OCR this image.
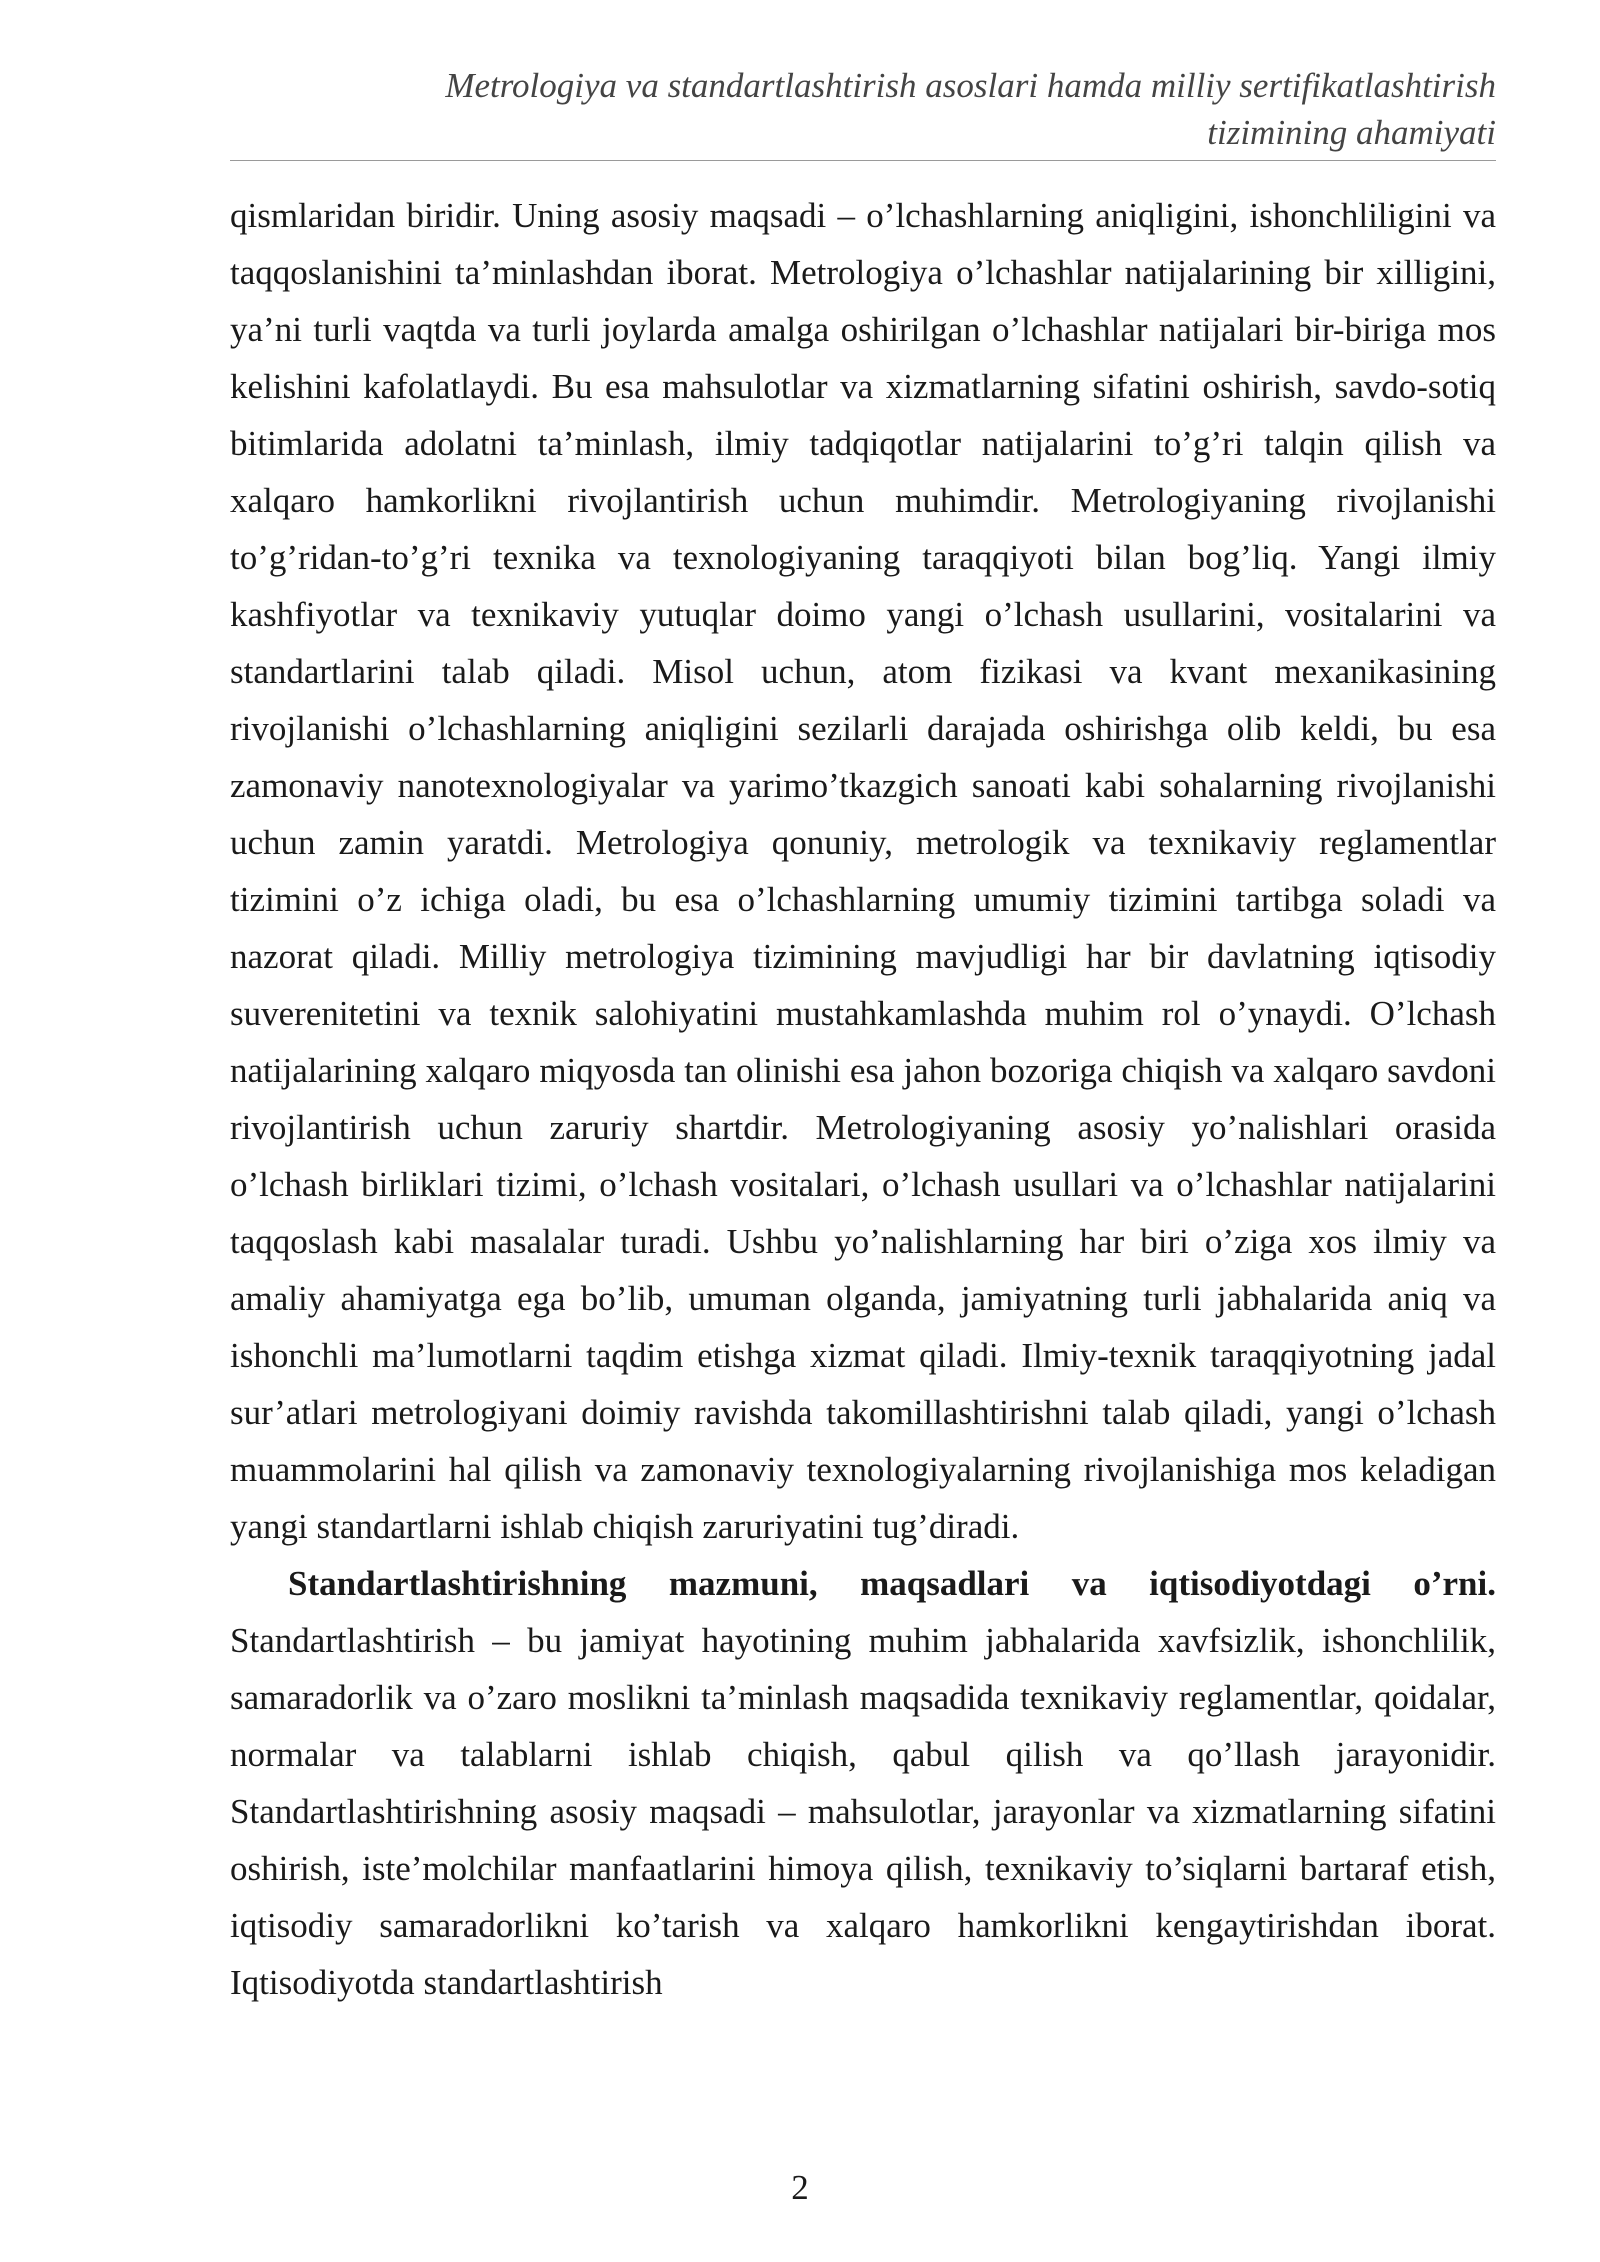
Metrologiya va standartlashtirish asoslari hamda milliy sertifikatlashtirish
tizimining ahamiyati

qismlaridan biridir. Uning asosiy maqsadi – o’lchashlarning aniqligini, ishonchliligini va taqqoslanishini ta’minlashdan iborat. Metrologiya o’lchashlar natijalarining bir xilligini, ya’ni turli vaqtda va turli joylarda amalga oshirilgan o’lchashlar natijalari bir-biriga mos kelishini kafolatlaydi. Bu esa mahsulotlar va xizmatlarning sifatini oshirish, savdo-sotiq bitimlarida adolatni ta’minlash, ilmiy tadqiqotlar natijalarini to’g’ri talqin qilish va xalqaro hamkorlikni rivojlantirish uchun muhimdir. Metrologiyaning rivojlanishi to’g’ridan-to’g’ri texnika va texnologiyaning taraqqiyoti bilan bog’liq. Yangi ilmiy kashfiyotlar va texnikaviy yutuqlar doimo yangi o’lchash usullarini, vositalarini va standartlarini talab qiladi. Misol uchun, atom fizikasi va kvant mexanikasining rivojlanishi o’lchashlarning aniqligini sezilarli darajada oshirishga olib keldi, bu esa zamonaviy nanotexnologiyalar va yarimo’tkazgich sanoati kabi sohalarning rivojlanishi uchun zamin yaratdi. Metrologiya qonuniy, metrologik va texnikaviy reglamentlar tizimini o’z ichiga oladi, bu esa o’lchashlarning umumiy tizimini tartibga soladi va nazorat qiladi. Milliy metrologiya tizimining mavjudligi har bir davlatning iqtisodiy suverenitetini va texnik salohiyatini mustahkamlashda muhim rol o’ynaydi. O’lchash natijalarining xalqaro miqyosda tan olinishi esa jahon bozoriga chiqish va xalqaro savdoni rivojlantirish uchun zaruriy shartdir. Metrologiyaning asosiy yo’nalishlari orasida o’lchash birliklari tizimi, o’lchash vositalari, o’lchash usullari va o’lchashlar natijalarini taqqoslash kabi masalalar turadi. Ushbu yo’nalishlarning har biri o’ziga xos ilmiy va amaliy ahamiyatga ega bo’lib, umuman olganda, jamiyatning turli jabhalarida aniq va ishonchli ma’lumotlarni taqdim etishga xizmat qiladi. Ilmiy-texnik taraqqiyotning jadal sur’atlari metrologiyani doimiy ravishda takomillashtirishni talab qiladi, yangi o’lchash muammolarini hal qilish va zamonaviy texnologiyalarning rivojlanishiga mos keladigan yangi standartlarni ishlab chiqish zaruriyatini tug’diradi.

Standartlashtirishning mazmuni, maqsadlari va iqtisodiyotdagi o’rni. Standartlashtirish – bu jamiyat hayotining muhim jabhalarida xavfsizlik, ishonchlilik, samaradorlik va o’zaro moslikni ta’minlash maqsadida texnikaviy reglamentlar, qoidalar, normalar va talablarni ishlab chiqish, qabul qilish va qo’llash jarayonidir. Standartlashtirishning asosiy maqsadi – mahsulotlar, jarayonlar va xizmatlarning sifatini oshirish, iste’molchilar manfaatlarini himoya qilish, texnikaviy to’siqlarni bartaraf etish, iqtisodiy samaradorlikni ko’tarish va xalqaro hamkorlikni kengaytirishdan iborat. Iqtisodiyotda standartlashtirish

2
